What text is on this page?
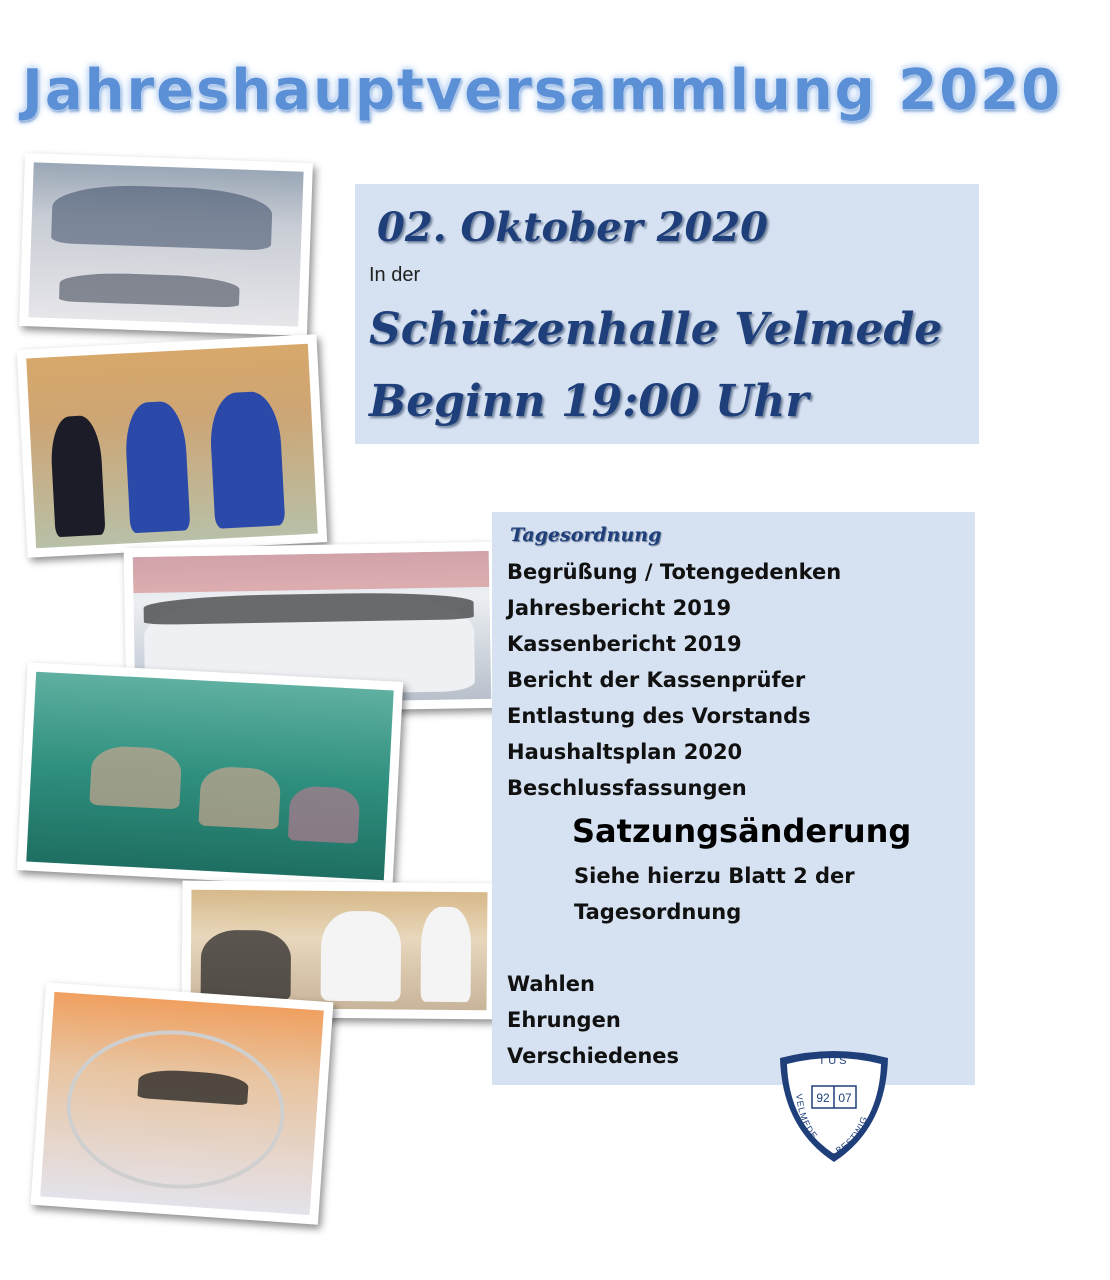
Jahreshauptversammlung 2020
02. Oktober 2020
In der
Schützenhalle Velmede
Beginn 19:00 Uhr
Tagesordnung
Begrüßung / Totengedenken
Jahresbericht 2019
Kassenbericht 2019
Bericht der Kassenprüfer
Entlastung des Vorstands
Haushaltsplan 2020
Beschlussfassungen
Satzungsänderung
Siehe hierzu Blatt 2 der
Tagesordnung
Wahlen
Ehrungen
Verschiedenes	TUS
92 07
VELMEDE
BESTWIG
